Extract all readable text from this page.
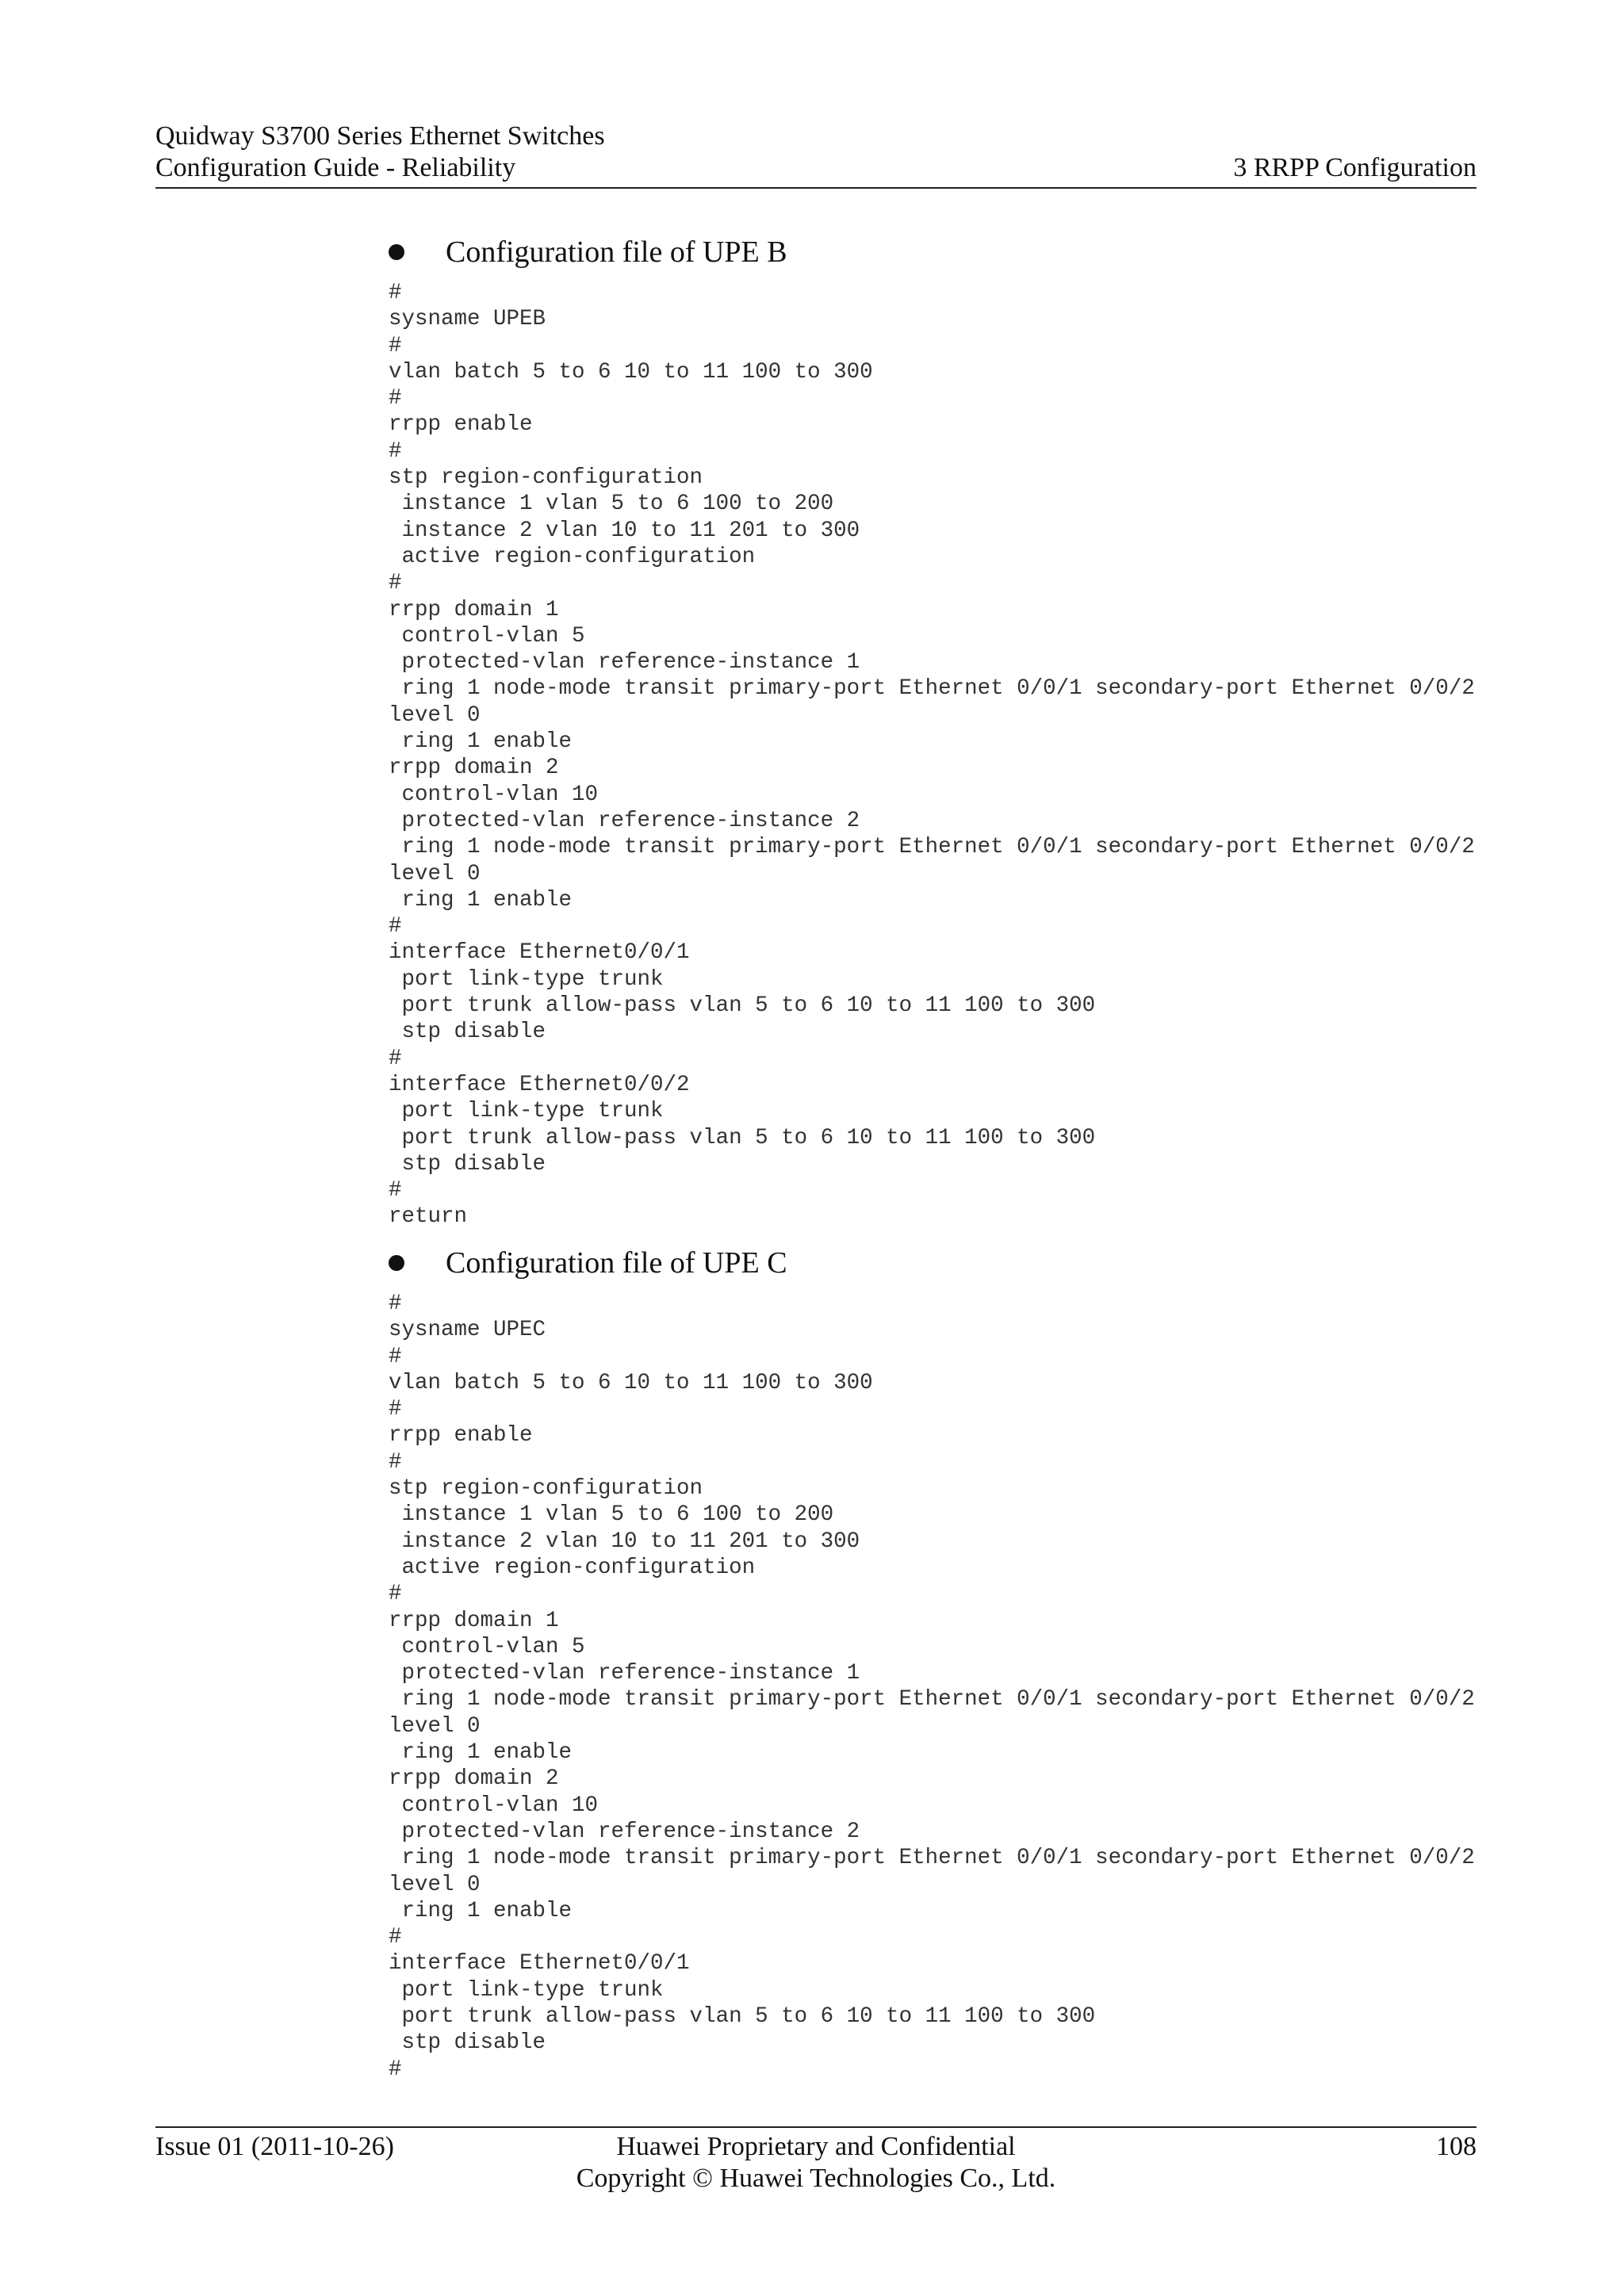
Quidway S3700 Series Ethernet Switches
Configuration Guide - Reliability	3 RRPP Configuration
Configuration file of UPE B
#
sysname UPEB
#
vlan batch 5 to 6 10 to 11 100 to 300
#
rrpp enable
#
stp region-configuration
instance 1 vlan 5 to 6 100 to 200
instance 2 vlan 10 to 11 201 to 300
active region-configuration
#
rrpp domain 1
control-vlan 5
protected-vlan reference-instance 1
ring 1 node-mode transit primary-port Ethernet 0/0/1 secondary-port Ethernet 0/0/2
level 0
ring 1 enable
rrpp domain 2
control-vlan 10
protected-vlan reference-instance 2
ring 1 node-mode transit primary-port Ethernet 0/0/1 secondary-port Ethernet 0/0/2
level 0
ring 1 enable
#
interface Ethernet0/0/1
port link-type trunk
port trunk allow-pass vlan 5 to 6 10 to 11 100 to 300
stp disable
#
interface Ethernet0/0/2
port link-type trunk
port trunk allow-pass vlan 5 to 6 10 to 11 100 to 300
stp disable
#
return
Configuration file of UPE C
#
sysname UPEC
#
vlan batch 5 to 6 10 to 11 100 to 300
#
rrpp enable
#
stp region-configuration
instance 1 vlan 5 to 6 100 to 200
instance 2 vlan 10 to 11 201 to 300
active region-configuration
#
rrpp domain 1
control-vlan 5
protected-vlan reference-instance 1
ring 1 node-mode transit primary-port Ethernet 0/0/1 secondary-port Ethernet 0/0/2
level 0
ring 1 enable
rrpp domain 2
control-vlan 10
protected-vlan reference-instance 2
ring 1 node-mode transit primary-port Ethernet 0/0/1 secondary-port Ethernet 0/0/2
level 0
ring 1 enable
#
interface Ethernet0/0/1
port link-type trunk
port trunk allow-pass vlan 5 to 6 10 to 11 100 to 300
stp disable
#
Issue 01 (2011-10-26)	Huawei Proprietary and Confidential
Copyright © Huawei Technologies Co., Ltd.
108
